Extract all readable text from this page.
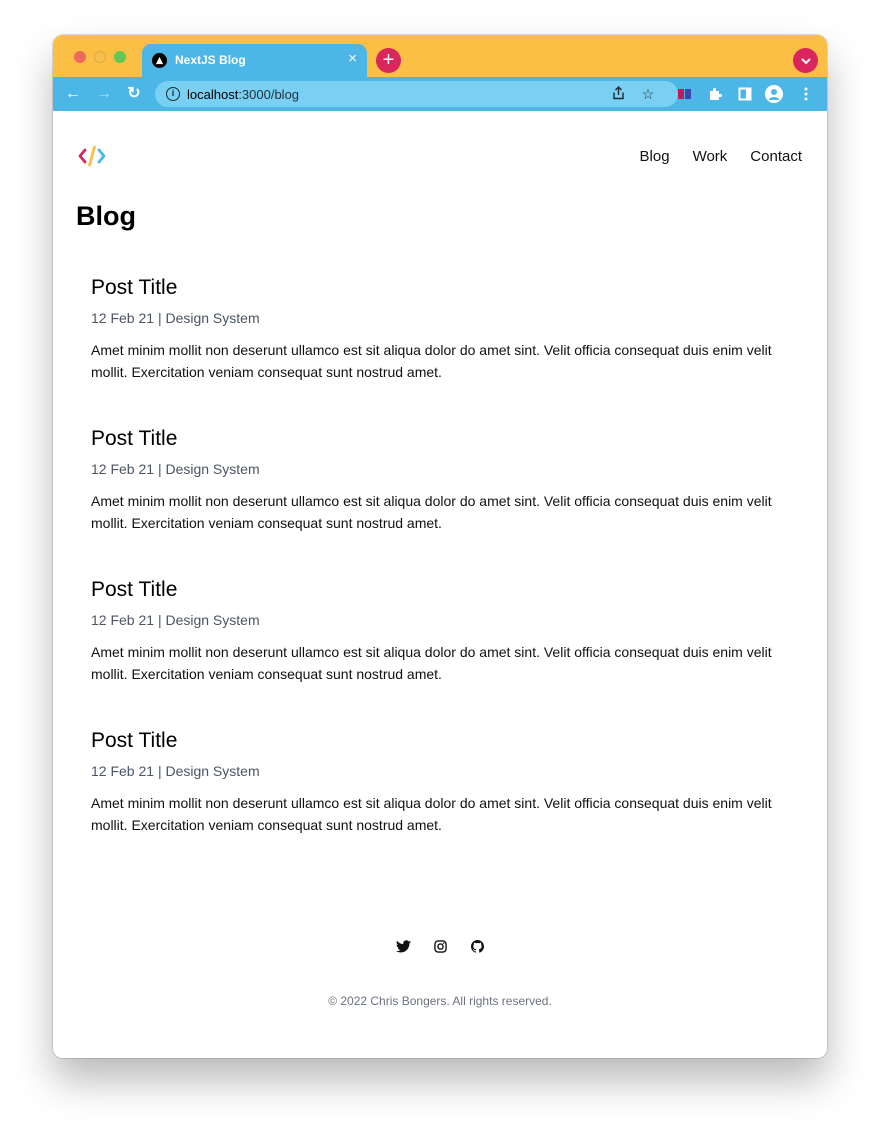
NextJS Blog	×	+
← → ↻	i localhost:3000/blog	☆
Blog Work Contact
Blog
Post Title
12 Feb 21 | Design System

Amet minim mollit non deserunt ullamco est sit aliqua dolor do amet sint. Velit officia consequat duis enim velit mollit. Exercitation veniam consequat sunt nostrud amet.

Post Title
12 Feb 21 | Design System

Amet minim mollit non deserunt ullamco est sit aliqua dolor do amet sint. Velit officia consequat duis enim velit mollit. Exercitation veniam consequat sunt nostrud amet.

Post Title
12 Feb 21 | Design System

Amet minim mollit non deserunt ullamco est sit aliqua dolor do amet sint. Velit officia consequat duis enim velit mollit. Exercitation veniam consequat sunt nostrud amet.

Post Title
12 Feb 21 | Design System

Amet minim mollit non deserunt ullamco est sit aliqua dolor do amet sint. Velit officia consequat duis enim velit mollit. Exercitation veniam consequat sunt nostrud amet.

© 2022 Chris Bongers. All rights reserved.
